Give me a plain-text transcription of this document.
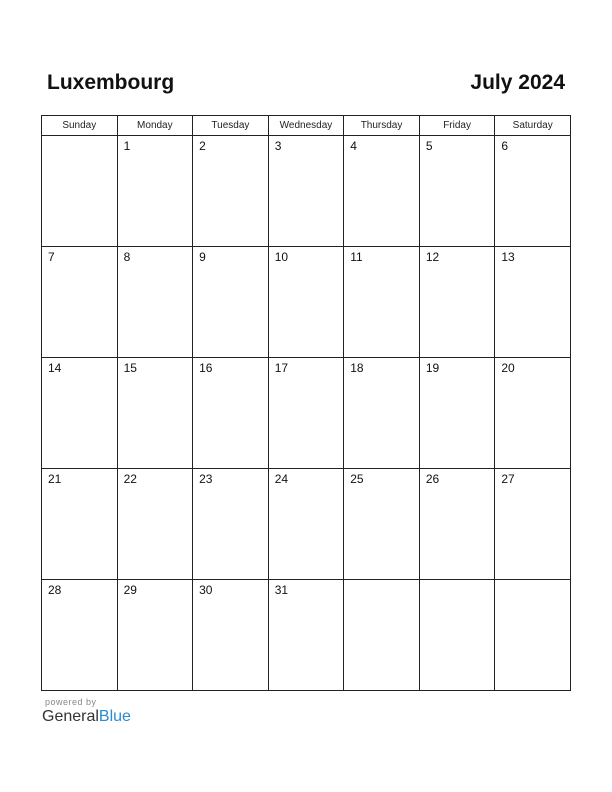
Luxembourg	July 2024
Sunday	Monday	Tuesday	Wednesday	Thursday	Friday	Saturday

	1	2	3	4	5	6

7	8	9	10	11	12	13

14	15	16	17	18	19	20

21	22	23	24	25	26	27

28	29	30	31			

powered by
GeneralBlue
